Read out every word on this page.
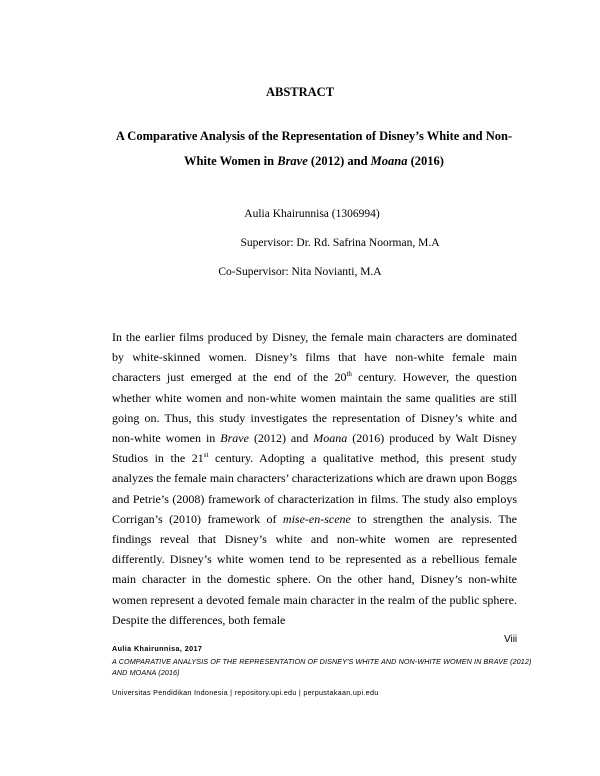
ABSTRACT
A Comparative Analysis of the Representation of Disney’s White and Non-White Women in Brave (2012) and Moana (2016)
Aulia Khairunnisa (1306994)
Supervisor: Dr. Rd. Safrina Noorman, M.A
Co-Supervisor: Nita Novianti, M.A

In the earlier films produced by Disney, the female main characters are dominated by white-skinned women. Disney’s films that have non-white female main characters just emerged at the end of the 20th century. However, the question whether white women and non-white women maintain the same qualities are still going on. Thus, this study investigates the representation of Disney’s white and non-white women in Brave (2012) and Moana (2016) produced by Walt Disney Studios in the 21st century. Adopting a qualitative method, this present study analyzes the female main characters’ characterizations which are drawn upon Boggs and Petrie’s (2008) framework of characterization in films. The study also employs Corrigan’s (2010) framework of mise-en-scene to strengthen the analysis. The findings reveal that Disney’s white and non-white women are represented differently. Disney’s white women tend to be represented as a rebellious female main character in the domestic sphere. On the other hand, Disney’s non-white women represent a devoted female main character in the realm of the public sphere. Despite the differences, both female

Viii
Aulia Khairunnisa, 2017
A COMPARATIVE ANALYSIS OF THE REPRESENTATION OF DISNEY'S WHITE AND NON-WHITE WOMEN IN BRAVE (2012) AND MOANA (2016)
Universitas Pendidikan Indonesia | repository.upi.edu | perpustakaan.upi.edu
